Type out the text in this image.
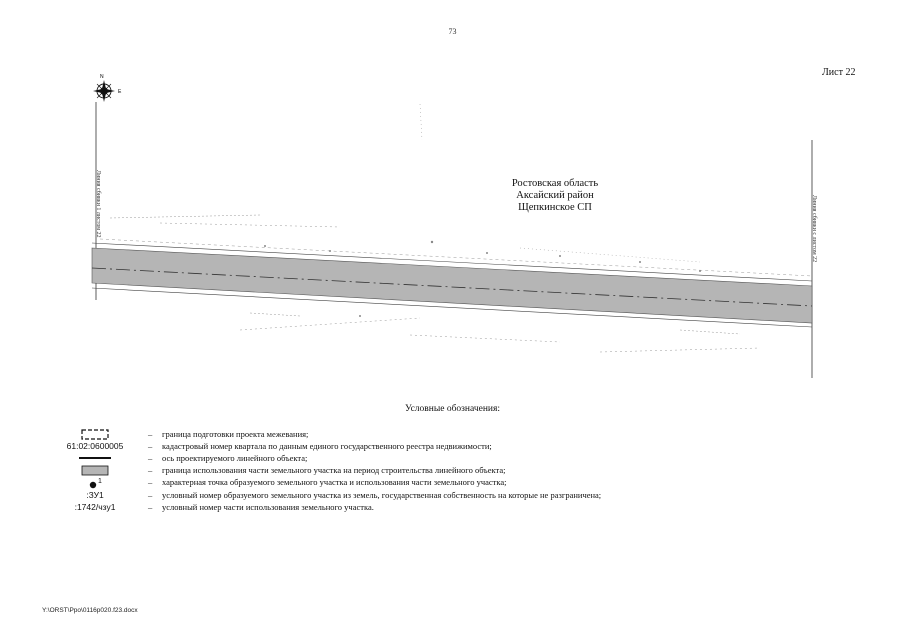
73
Лист 22
N
E
Ростовская область
Аксайский район
Щепкинское СП
Линия сбивки 1 листом 22	Линия сбивки с листом 22
Условные обозначения:
– граница подготовки проекта межевания;
61:02:0600005	– кадастровый номер квартала по данным единого государственного реестра недвижимости;
– ось проектируемого линейного объекта;
– граница использования части земельного участка на период строительства линейного объекта;
$^1$	– характерная точка образуемого земельного участка и использования части земельного участка;
:ЗУ1	– условный номер образуемого земельного участка из земель, государственная собственность на которые не разграничена;
:1742/чзу1	– условный номер части использования земельного участка.
Y:\ORST\Ppo\0116p020.f23.docx
